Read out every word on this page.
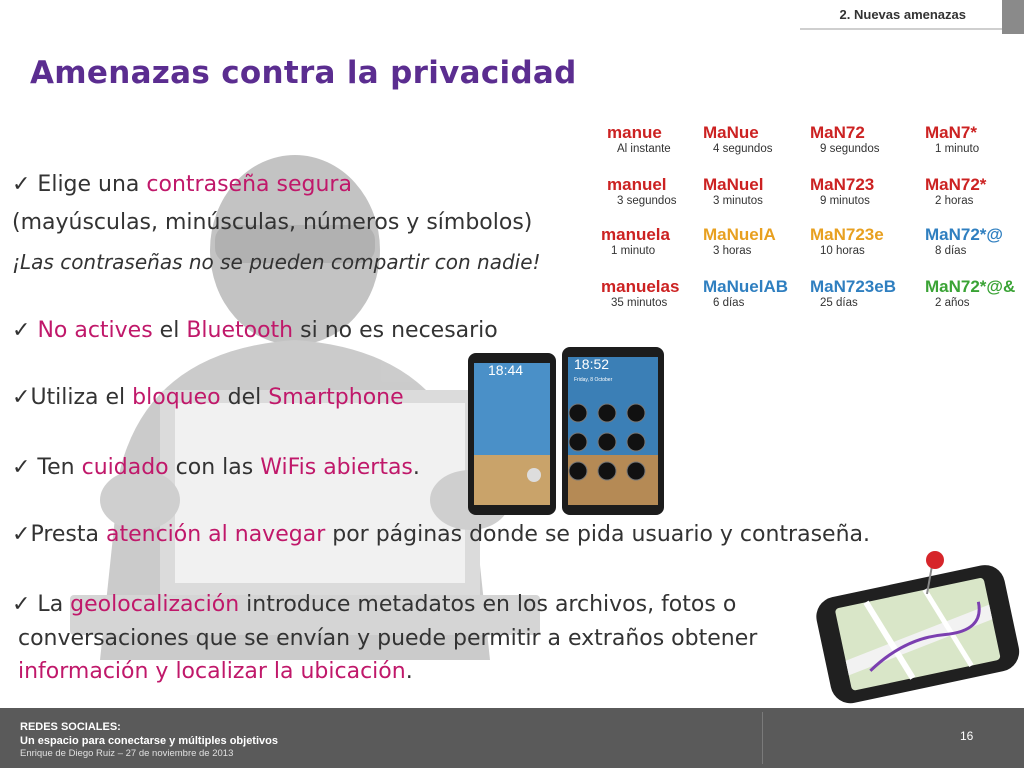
2. Nuevas amenazas
Amenazas contra la privacidad
✓ Elige una contraseña segura
(mayúsculas, minúsculas, números y símbolos)
¡Las contraseñas no se pueden compartir con nadie!
✓ No actives el Bluetooth si no es necesario
✓Utiliza el bloqueo del Smartphone
✓ Ten cuidado con las WiFis abiertas.
✓Presta atención al navegar por páginas donde se pida usuario y contraseña.
✓ La geolocalización introduce metadatos en los archivos, fotos o
conversaciones que se envían y puede permitir a extraños obtener
información y localizar la ubicación.
manue
Al instante
MaNue
4 segundos
MaN72
9 segundos
MaN7*
1 minuto
manuel
3 segundos
MaNuel
3 minutos
MaN723
9 minutos
MaN72*
2 horas
manuela
1 minuto
MaNuelA
3 horas
MaN723e
10 horas
MaN72*@
8 días
manuelas
35 minutos
MaNuelAB
6 días
MaN723eB
25 días
MaN72*@&
2 años
18:44	18:52
Friday, 8 October
REDES SOCIALES:
Un espacio para conectarse y múltiples objetivos
Enrique de Diego Ruiz – 27 de noviembre de 2013
16
